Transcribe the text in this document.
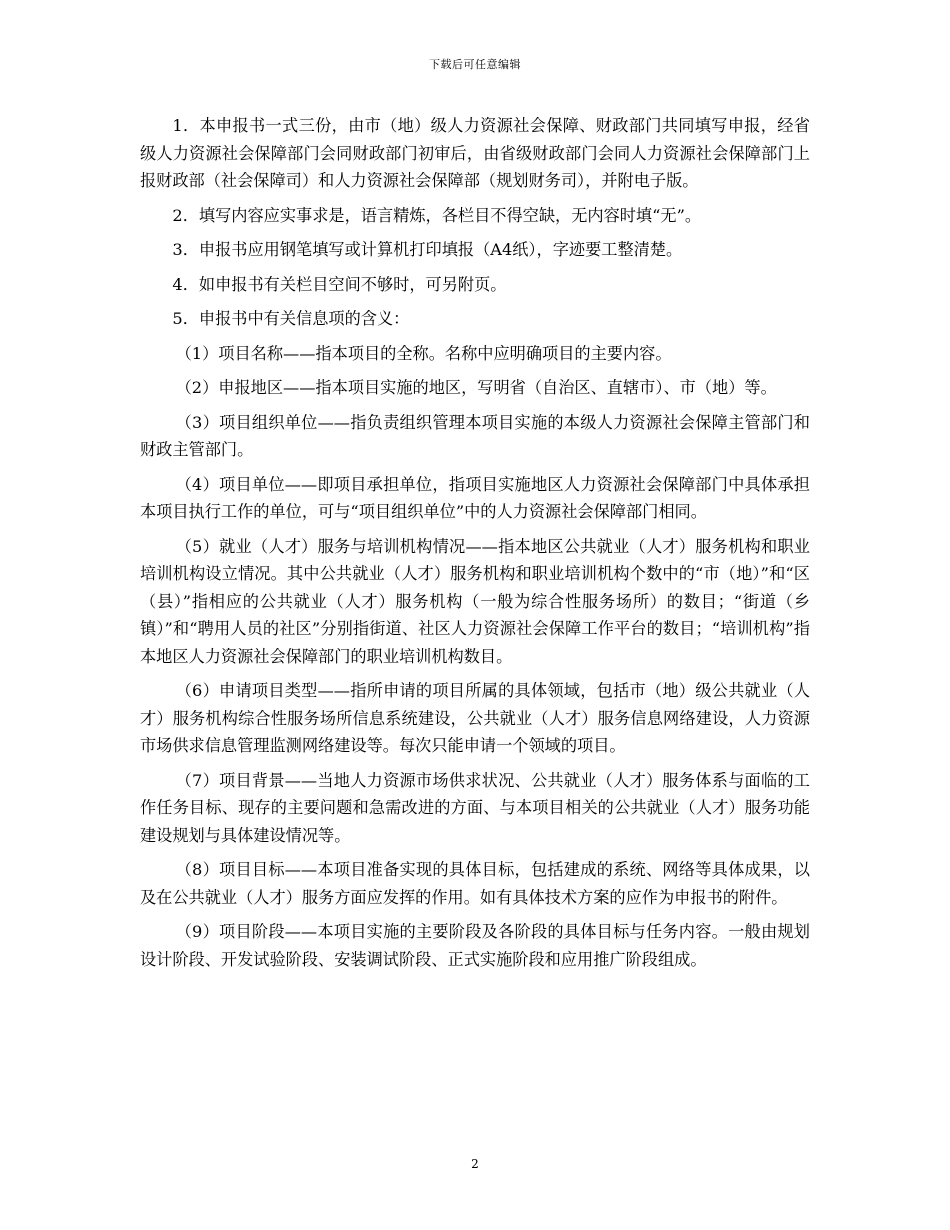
下载后可任意编辑

1．本申报书一式三份，由市（地）级人力资源社会保障、财政部门共同填写申报，经省级人力资源社会保障部门会同财政部门初审后，由省级财政部门会同人力资源社会保障部门上报财政部（社会保障司）和人力资源社会保障部（规划财务司），并附电子版。

2．填写内容应实事求是，语言精炼，各栏目不得空缺，无内容时填“无”。

3．申报书应用钢笔填写或计算机打印填报（A4纸），字迹要工整清楚。

4．如申报书有关栏目空间不够时，可另附页。

5．申报书中有关信息项的含义：

（1）项目名称——指本项目的全称。名称中应明确项目的主要内容。

（2）申报地区——指本项目实施的地区，写明省（自治区、直辖市）、市（地）等。

（3）项目组织单位——指负责组织管理本项目实施的本级人力资源社会保障主管部门和财政主管部门。

（4）项目单位——即项目承担单位，指项目实施地区人力资源社会保障部门中具体承担本项目执行工作的单位，可与“项目组织单位”中的人力资源社会保障部门相同。

（5）就业（人才）服务与培训机构情况——指本地区公共就业（人才）服务机构和职业培训机构设立情况。其中公共就业（人才）服务机构和职业培训机构个数中的“市（地）”和“区（县）”指相应的公共就业（人才）服务机构（一般为综合性服务场所）的数目；“街道（乡镇）”和“聘用人员的社区”分别指街道、社区人力资源社会保障工作平台的数目；“培训机构”指本地区人力资源社会保障部门的职业培训机构数目。

（6）申请项目类型——指所申请的项目所属的具体领域，包括市（地）级公共就业（人才）服务机构综合性服务场所信息系统建设，公共就业（人才）服务信息网络建设，人力资源市场供求信息管理监测网络建设等。每次只能申请一个领域的项目。

（7）项目背景——当地人力资源市场供求状况、公共就业（人才）服务体系与面临的工作任务目标、现存的主要问题和急需改进的方面、与本项目相关的公共就业（人才）服务功能建设规划与具体建设情况等。

（8）项目目标——本项目准备实现的具体目标，包括建成的系统、网络等具体成果，以及在公共就业（人才）服务方面应发挥的作用。如有具体技术方案的应作为申报书的附件。

（9）项目阶段——本项目实施的主要阶段及各阶段的具体目标与任务内容。一般由规划设计阶段、开发试验阶段、安装调试阶段、正式实施阶段和应用推广阶段组成。

2
